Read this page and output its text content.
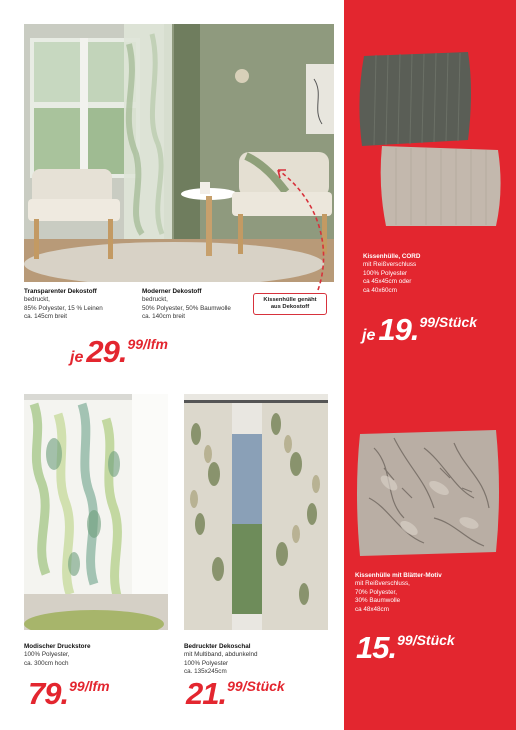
Transparenter Dekostoff
bedruckt,
85% Polyester, 15 % Leinen
ca. 145cm breit
Moderner Dekostoff
bedruckt,
50% Polyester, 50% Baumwolle
ca. 140cm breit
Kissenhülle genäht
aus Dekostoff
je29.99/lfm
Kissenhülle, CORD
mit Reißverschluss
100% Polyester
ca 45x45cm oder
ca 40x60cm
je19.99/Stück
Modischer Druckstore
100% Polyester,
ca. 300cm hoch
79.99/lfm
Bedruckter Dekoschal
mit Multiband, abdunkelnd
100% Polyester
ca. 135x245cm
21.99/Stück
Kissenhülle mit Blätter-Motiv
mit Reißverschluss,
70% Polyester,
30% Baumwolle
ca 48x48cm
15.99/Stück
